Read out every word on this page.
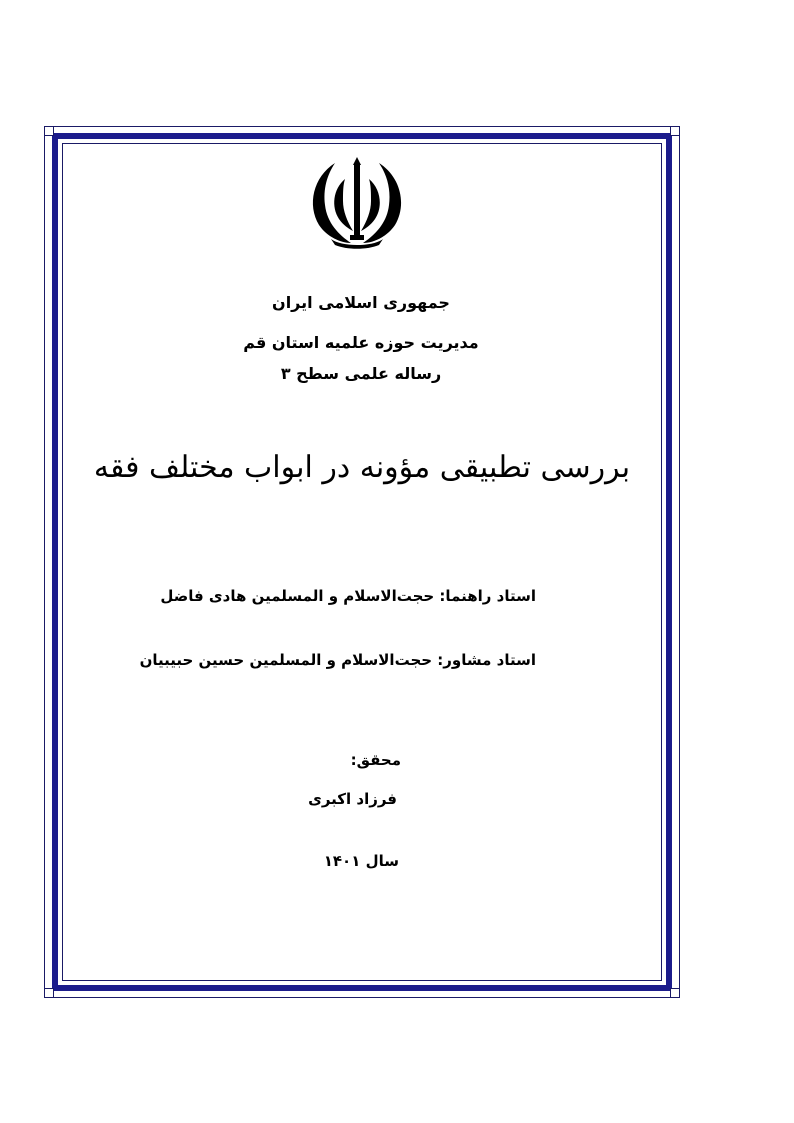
جمهوری اسلامی ایران
مدیریت حوزه علمیه استان قم
رساله علمی سطح ۳
بررسی تطبیقی مؤونه در ابواب مختلف فقه
استاد راهنما: حجت‌الاسلام و المسلمین هادی فاضل
استاد مشاور: حجت‌الاسلام و المسلمین حسین حبیبیان
محقق:
فرزاد اکبری
سال ۱۴۰۱
